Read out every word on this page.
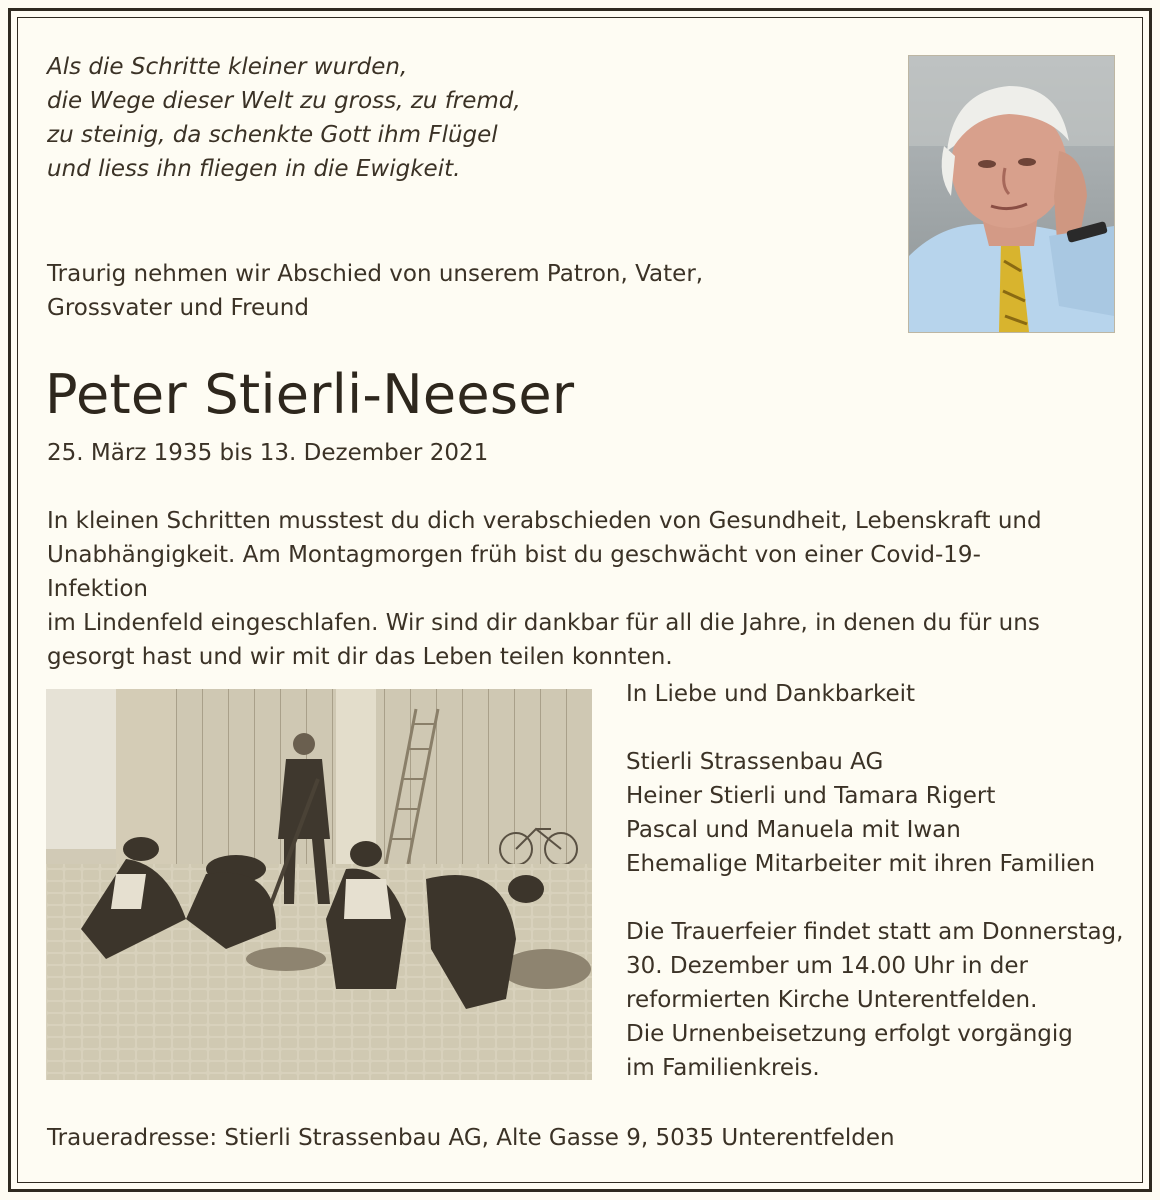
Als die Schritte kleiner wurden,
die Wege dieser Welt zu gross, zu fremd,
zu steinig, da schenkte Gott ihm Flügel
und liess ihn fliegen in die Ewigkeit.
Traurig nehmen wir Abschied von unserem Patron, Vater,
Grossvater und Freund
Peter Stierli-Neeser
25. März 1935 bis 13. Dezember 2021
In kleinen Schritten musstest du dich verabschieden von Gesundheit, Lebenskraft und
Unabhängigkeit. Am Montagmorgen früh bist du geschwächt von einer Covid-19-Infektion
im Lindenfeld eingeschlafen. Wir sind dir dankbar für all die Jahre, in denen du für uns
gesorgt hast und wir mit dir das Leben teilen konnten.
In Liebe und Dankbarkeit
Stierli Strassenbau AG
Heiner Stierli und Tamara Rigert
Pascal und Manuela mit Iwan
Ehemalige Mitarbeiter mit ihren Familien
Die Trauerfeier findet statt am Donnerstag,
30. Dezember um 14.00 Uhr in der
reformierten Kirche Unterentfelden.
Die Urnenbeisetzung erfolgt vorgängig
im Familienkreis.
Traueradresse: Stierli Strassenbau AG, Alte Gasse 9, 5035 Unterentfelden
